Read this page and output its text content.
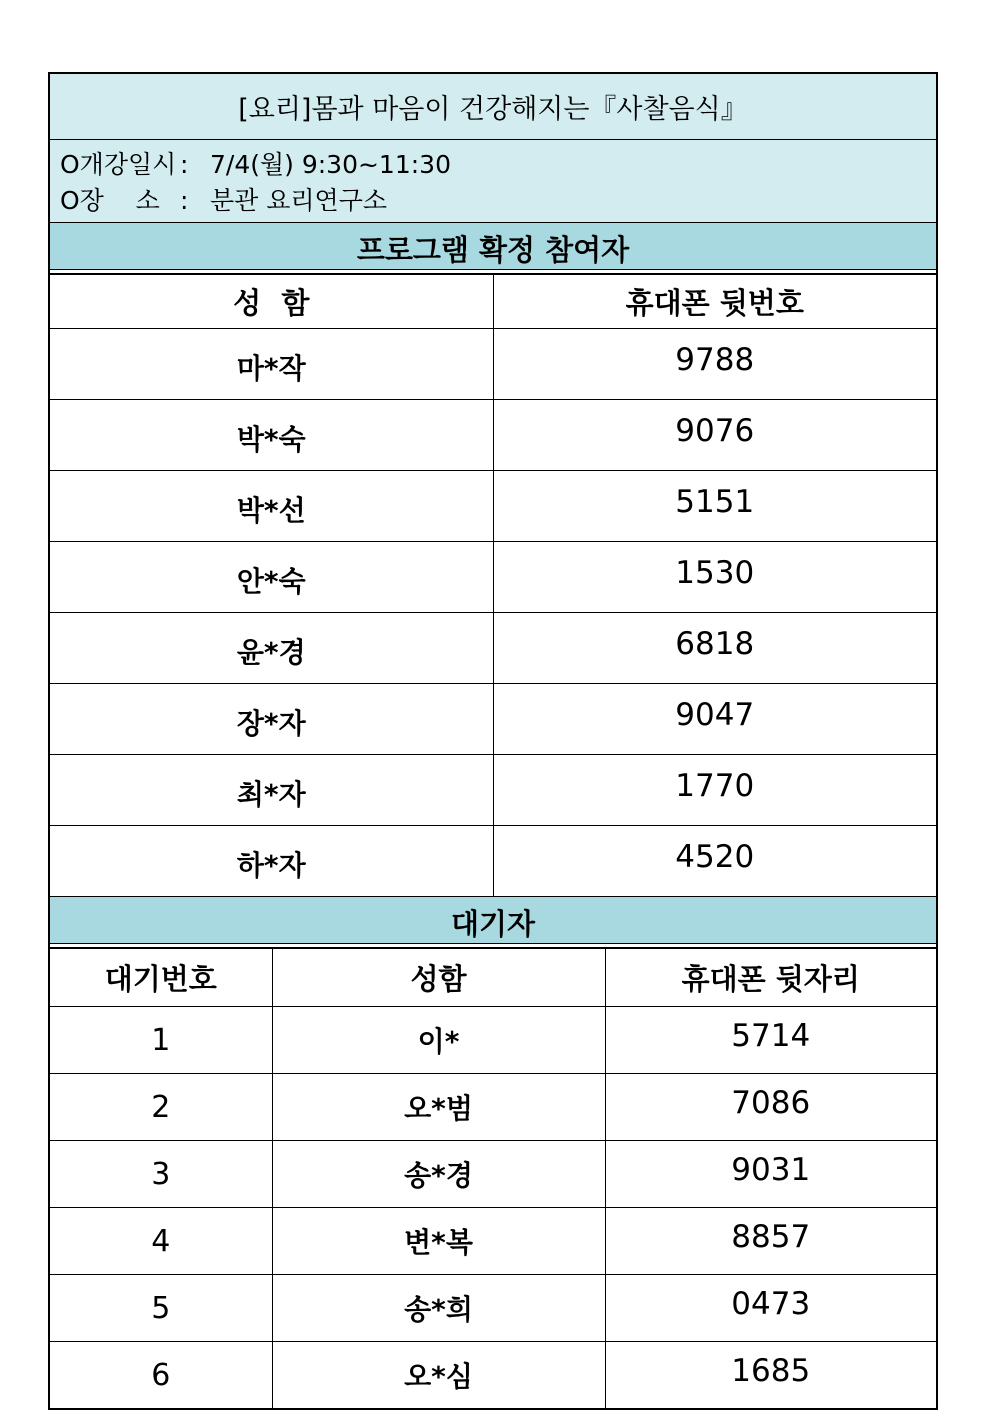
[요리]몸과 마음이 건강해지는『사찰음식』
O개강일시 : 7/4(월) 9:30~11:30
O장    소 : 분관 요리연구소
프로그램 확정 참여자
성  함	휴대폰 뒷번호
마*작	9788
박*숙	9076
박*선	5151
안*숙	1530
윤*경	6818
장*자	9047
최*자	1770
하*자	4520
대기자
대기번호	성함	휴대폰 뒷자리
1	이*	5714
2	오*범	7086
3	송*경	9031
4	변*복	8857
5	송*희	0473
6	오*심	1685
